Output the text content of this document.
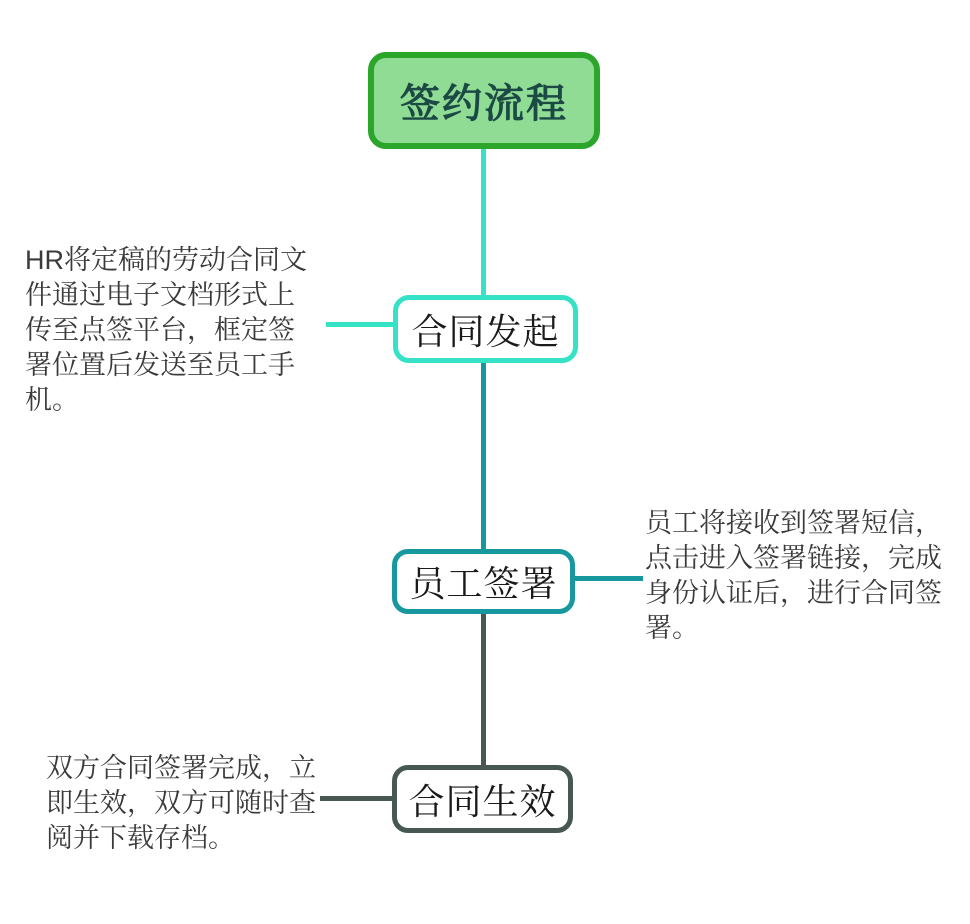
签约流程
合同发起
员工签署
合同生效
HR将定稿的劳动合同文
件通过电子文档形式上
传至点签平台，框定签
署位置后发送至员工手
机。
员工将接收到签署短信，
点击进入签署链接，完成
身份认证后，进行合同签
署。
双方合同签署完成，立
即生效，双方可随时查
阅并下载存档。
